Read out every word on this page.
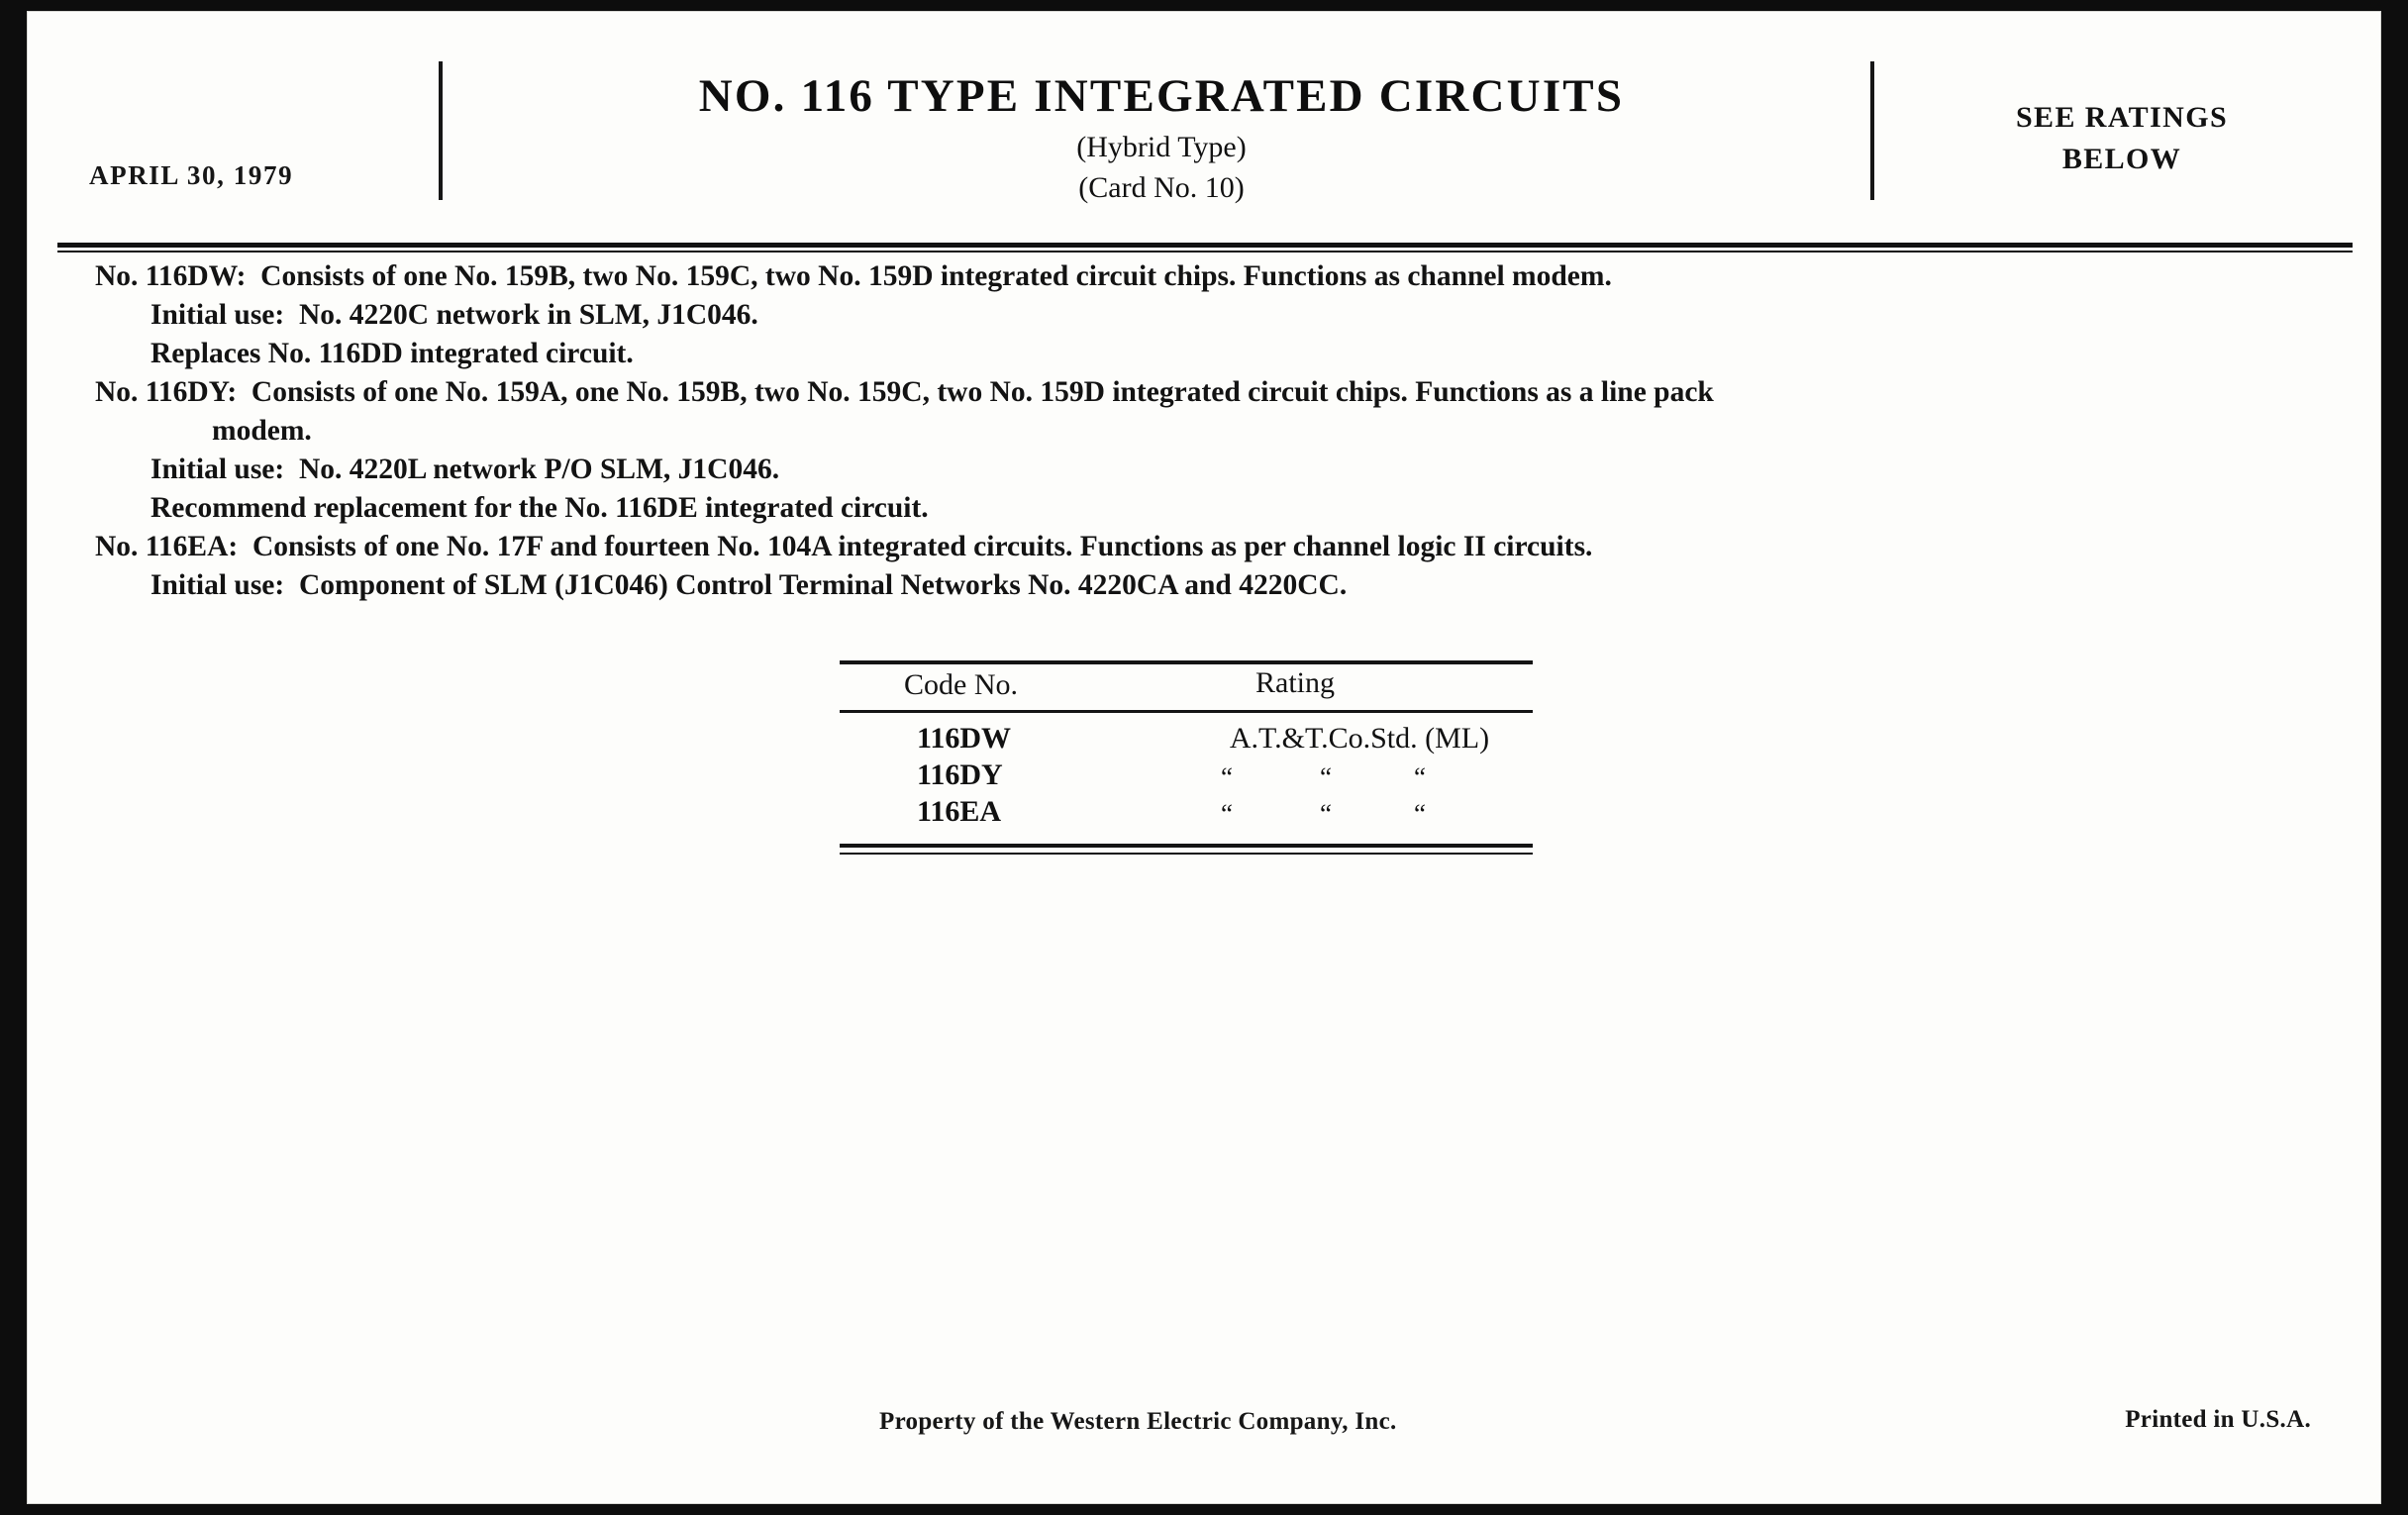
APRIL 30, 1979
NO. 116 TYPE INTEGRATED CIRCUITS
(Hybrid Type)
(Card No. 10)
SEE RATINGS
BELOW
No. 116DW:  Consists of one No. 159B, two No. 159C, two No. 159D integrated circuit chips. Functions as channel modem.
Initial use:  No. 4220C network in SLM, J1C046.
Replaces No. 116DD integrated circuit.
No. 116DY:  Consists of one No. 159A, one No. 159B, two No. 159C, two No. 159D integrated circuit chips. Functions as a line pack
modem.
Initial use:  No. 4220L network P/O SLM, J1C046.
Recommend replacement for the No. 116DE integrated circuit.
No. 116EA:  Consists of one No. 17F and fourteen No. 104A integrated circuits. Functions as per channel logic II circuits.
Initial use:  Component of SLM (J1C046) Control Terminal Networks No. 4220CA and 4220CC.
Code No.	Rating
116DW	A.T.&T.Co.Std. (ML)
116DY	“	“	“
116EA	“	“	“
Property of the Western Electric Company, Inc.	Printed in U.S.A.
